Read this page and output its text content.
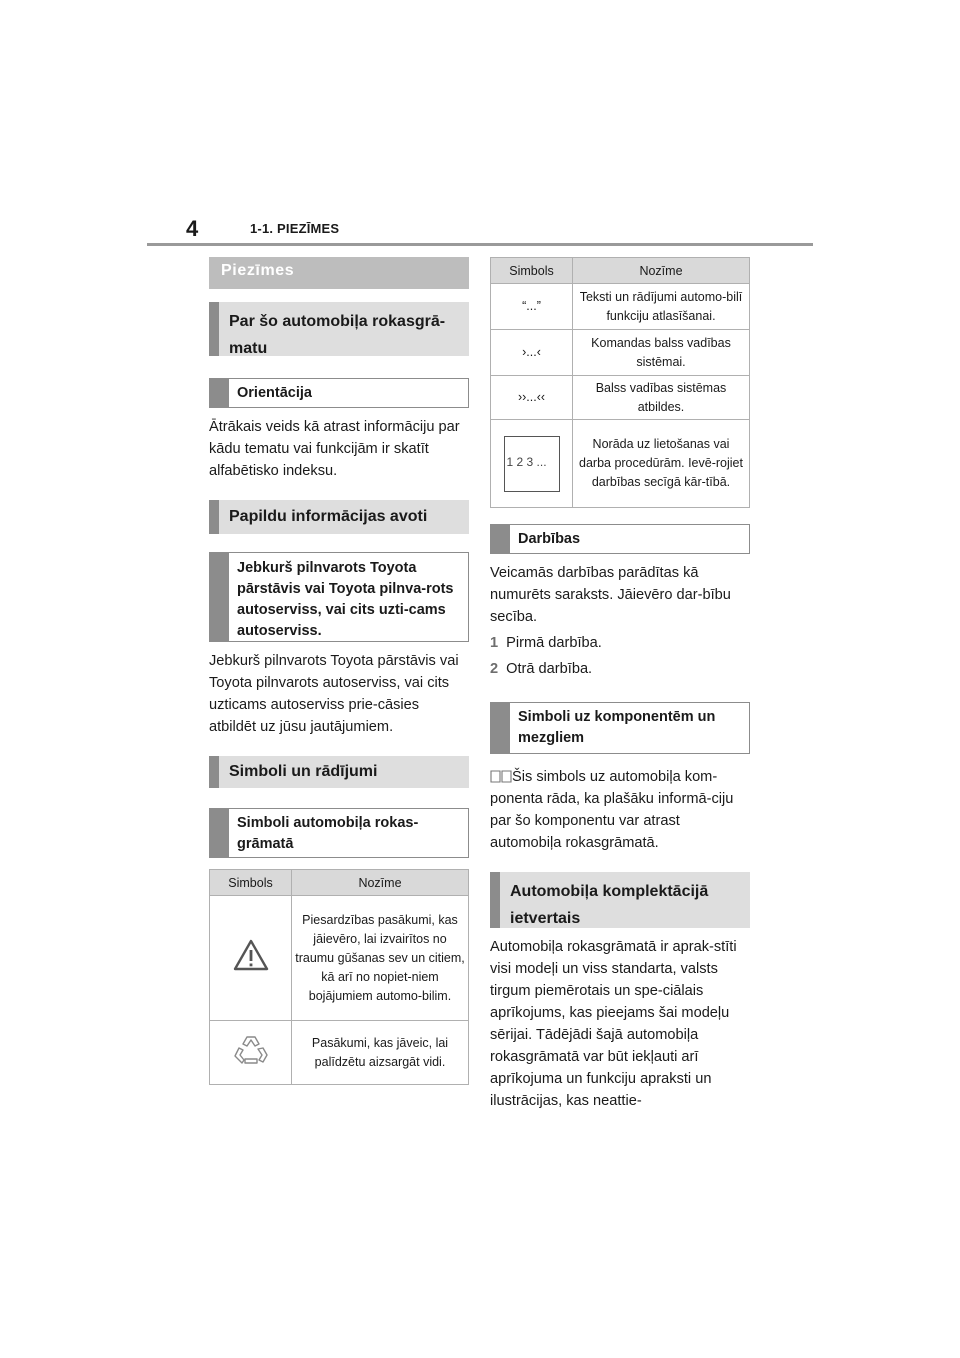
4	1-1. PIEZĪMES
Piezīmes
Par šo automobiļa rokasgrā-matu
Orientācija

Ātrākais veids kā atrast informāciju par kādu tematu vai funkcijām ir skatīt alfabētisko indeksu.

Papildu informācijas avoti
Jebkurš pilnvarots Toyota pārstāvis vai Toyota pilnva-rots autoserviss, vai cits uzti-cams autoserviss.

Jebkurš pilnvarots Toyota pārstāvis vai Toyota pilnvarots autoserviss, vai cits uzticams autoserviss prie-cāsies atbildēt uz jūsu jautājumiem.

Simboli un rādījumi
Simboli automobiļa rokas-grāmatā
Simbols	Nozīme
	Piesardzības pasākumi, kas jāievēro, lai izvairītos no traumu gūšanas sev un citiem, kā arī no nopiet-niem bojājumiem automo-bilim.
	Pasākumi, kas jāveic, lai palīdzētu aizsargāt vidi.
Simbols	Nozīme
“...”	Teksti un rādījumi automo-bilī funkciju atlasīšanai.
›...‹	Komandas balss vadības sistēmai.
››...‹‹	Balss vadības sistēmas atbildes.

1 2 3 ...	Norāda uz lietošanas vai darba procedūrām. Ievē-rojiet darbības secīgā kār-tībā.
Darbības

Veicamās darbības parādītas kā numurēts saraksts. Jāievēro dar-bību secība.

1 Pirmā darbība.
2 Otrā darbība.
Simboli uz komponentēm un mezgliem

Šis simbols uz automobiļa kom-ponenta rāda, ka plašāku informā-ciju par šo komponentu var atrast automobiļa rokasgrāmatā.

Automobiļa komplektācijā ietvertais

Automobiļa rokasgrāmatā ir aprak-stīti visi modeļi un viss standarta, valsts tirgum piemērotais un spe-ciālais aprīkojums, kas pieejams šai modeļu sērijai. Tādējādi šajā automobiļa rokasgrāmatā var būt iekļauti arī aprīkojuma un funkciju apraksti un ilustrācijas, kas neattie-
